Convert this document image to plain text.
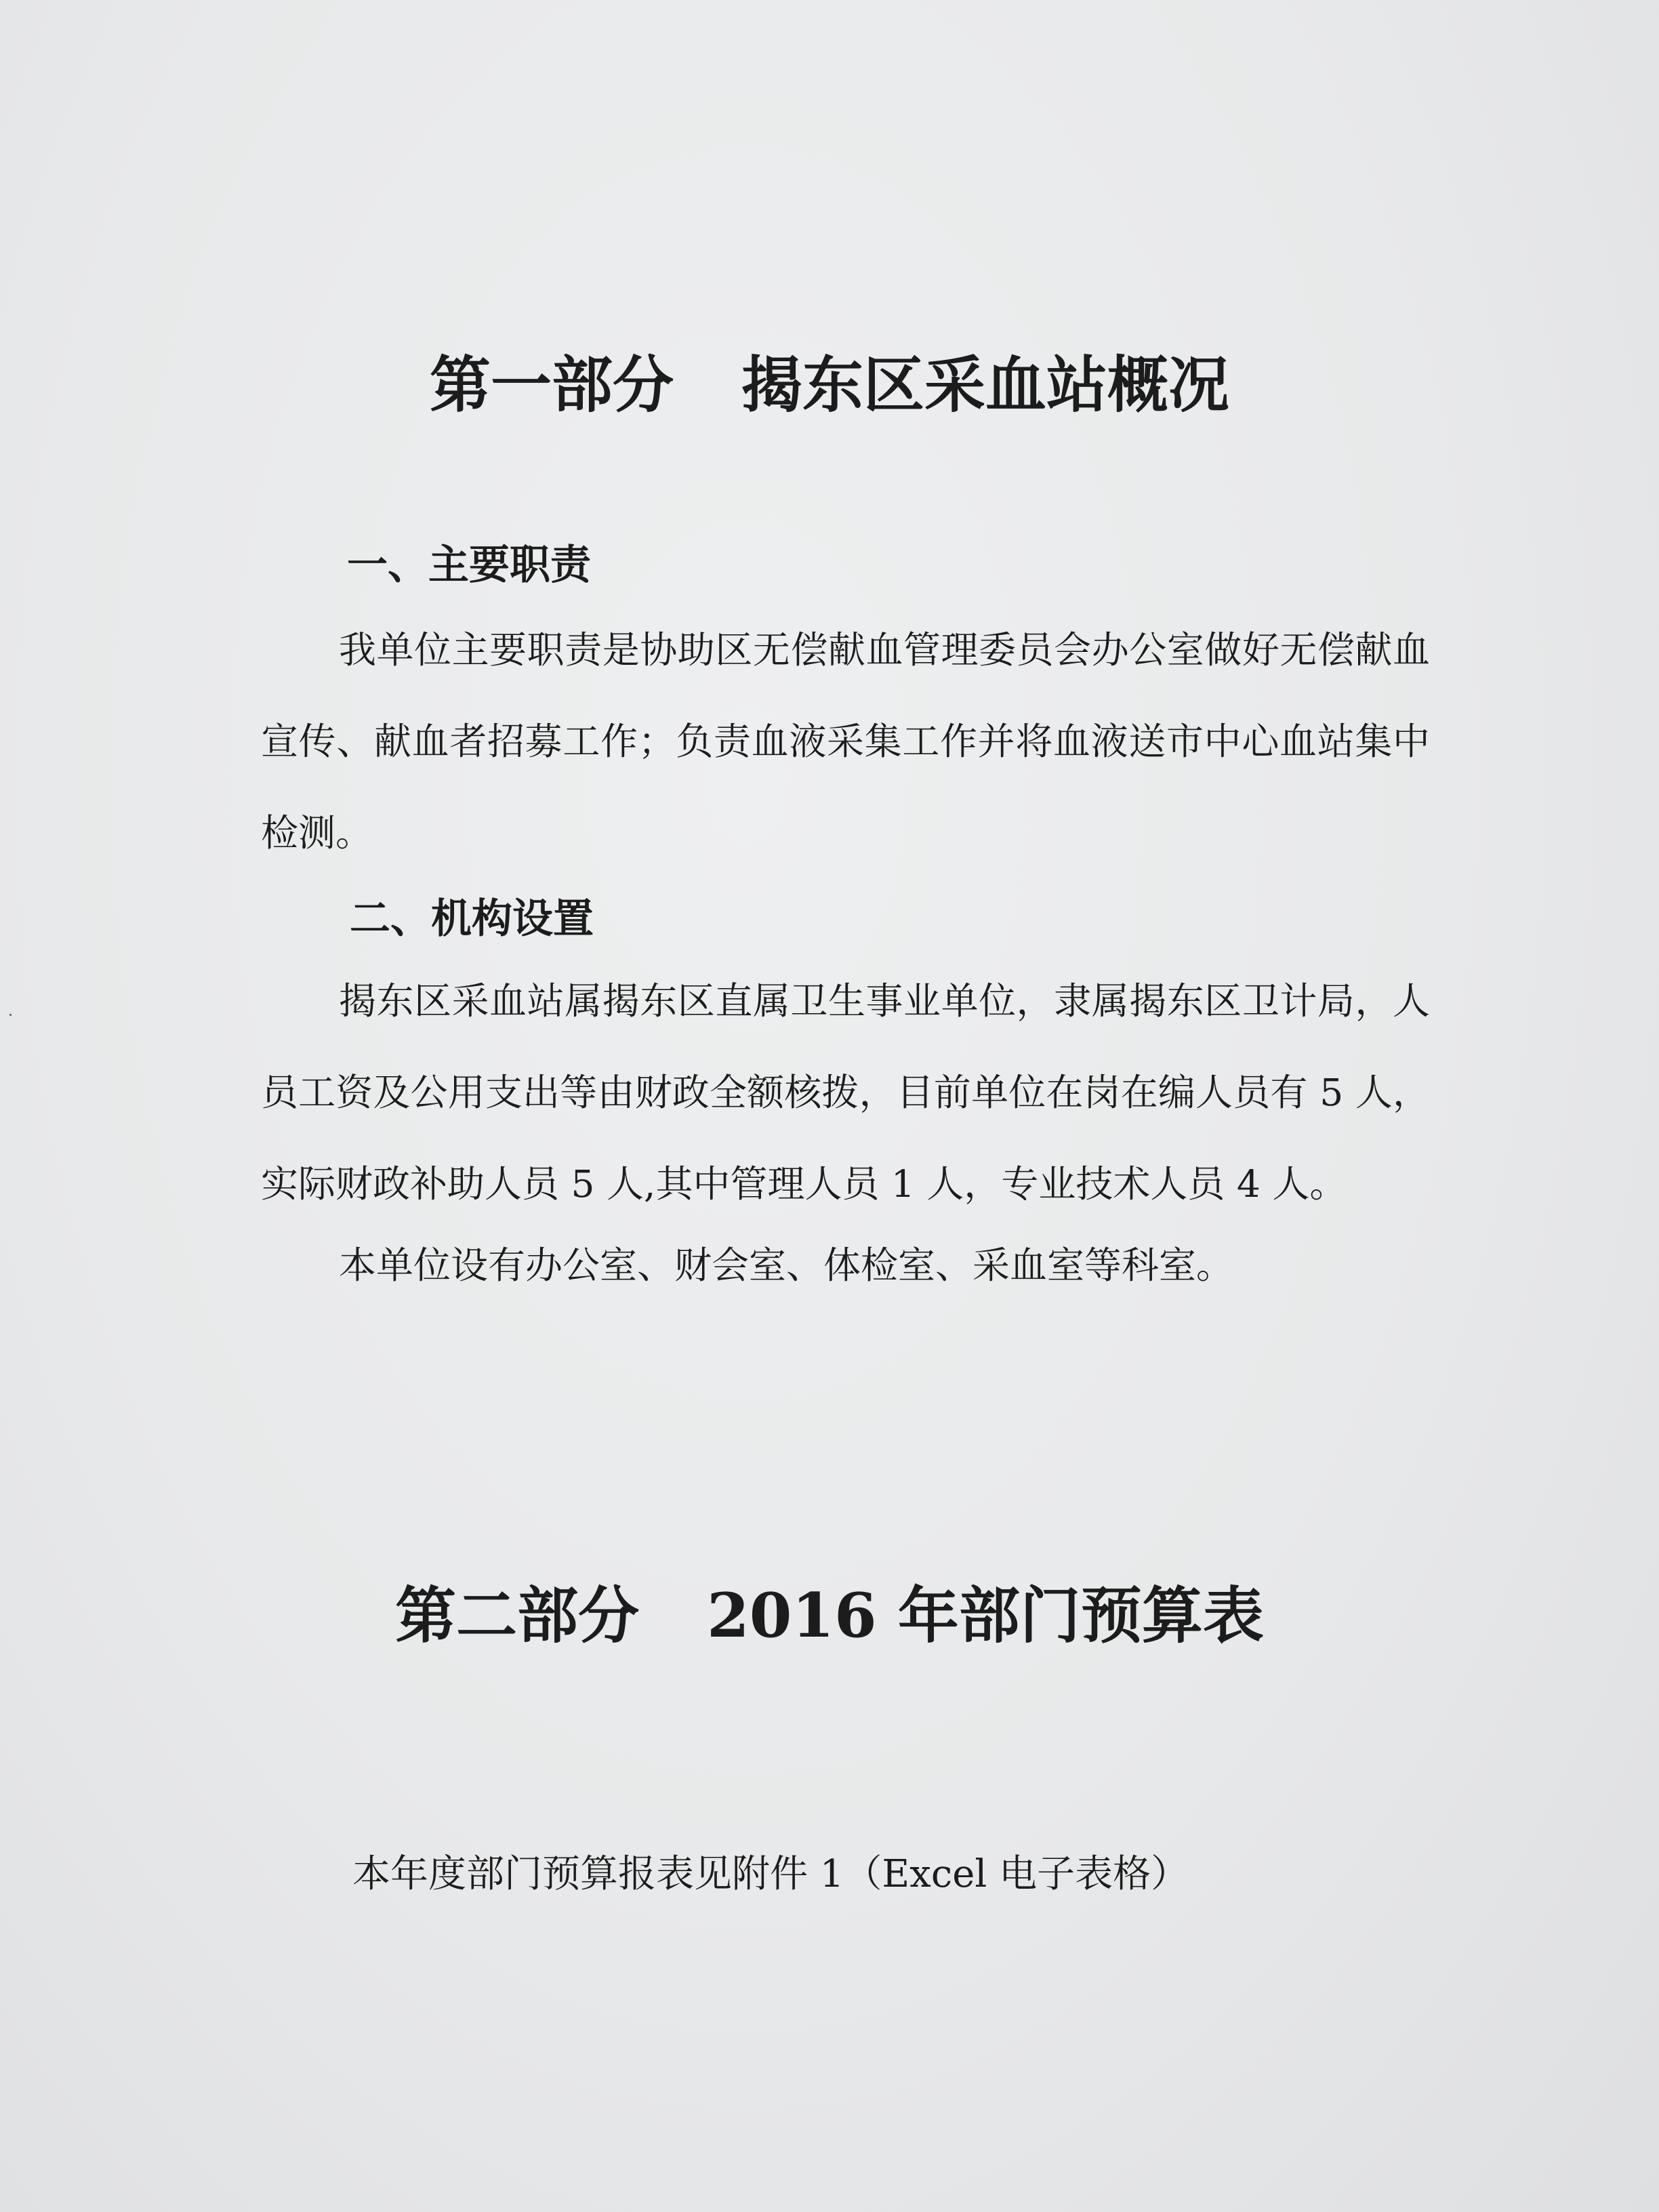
第一部分 揭东区采血站概况
一、主要职责

我单位主要职责是协助区无偿献血管理委员会办公室做好无偿献血宣传、献血者招募工作；负责血液采集工作并将血液送市中心血站集中检测。

二、机构设置

揭东区采血站属揭东区直属卫生事业单位，隶属揭东区卫计局，人员工资及公用支出等由财政全额核拨，目前单位在岗在编人员有 5 人，实际财政补助人员 5 人,其中管理人员 1 人，专业技术人员 4 人。

本单位设有办公室、财会室、体检室、采血室等科室。

第二部分 2016 年部门预算表

本年度部门预算报表见附件 1（Excel 电子表格）
